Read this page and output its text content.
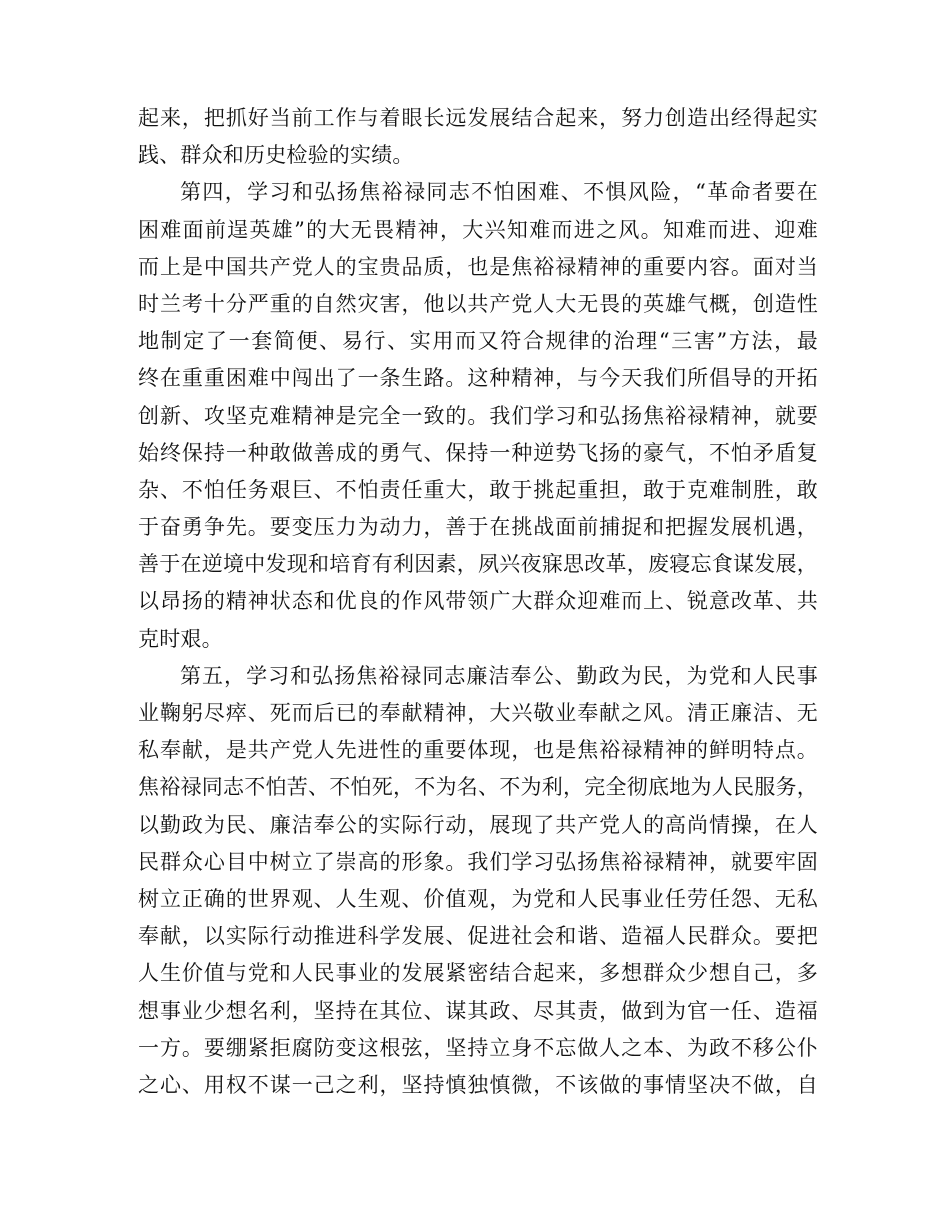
起来，把抓好当前工作与着眼长远发展结合起来，努力创造出经得起实
践、群众和历史检验的实绩。
第四，学习和弘扬焦裕禄同志不怕困难、不惧风险，“革命者要在
困难面前逞英雄”的大无畏精神，大兴知难而进之风。知难而进、迎难
而上是中国共产党人的宝贵品质，也是焦裕禄精神的重要内容。面对当
时兰考十分严重的自然灾害，他以共产党人大无畏的英雄气概，创造性
地制定了一套简便、易行、实用而又符合规律的治理“三害”方法，最
终在重重困难中闯出了一条生路。这种精神，与今天我们所倡导的开拓
创新、攻坚克难精神是完全一致的。我们学习和弘扬焦裕禄精神，就要
始终保持一种敢做善成的勇气、保持一种逆势飞扬的豪气，不怕矛盾复
杂、不怕任务艰巨、不怕责任重大，敢于挑起重担，敢于克难制胜，敢
于奋勇争先。要变压力为动力，善于在挑战面前捕捉和把握发展机遇，
善于在逆境中发现和培育有利因素，夙兴夜寐思改革，废寝忘食谋发展，
以昂扬的精神状态和优良的作风带领广大群众迎难而上、锐意改革、共
克时艰。
第五，学习和弘扬焦裕禄同志廉洁奉公、勤政为民，为党和人民事
业鞠躬尽瘁、死而后已的奉献精神，大兴敬业奉献之风。清正廉洁、无
私奉献，是共产党人先进性的重要体现，也是焦裕禄精神的鲜明特点。
焦裕禄同志不怕苦、不怕死，不为名、不为利，完全彻底地为人民服务，
以勤政为民、廉洁奉公的实际行动，展现了共产党人的高尚情操，在人
民群众心目中树立了崇高的形象。我们学习弘扬焦裕禄精神，就要牢固
树立正确的世界观、人生观、价值观，为党和人民事业任劳任怨、无私
奉献，以实际行动推进科学发展、促进社会和谐、造福人民群众。要把
人生价值与党和人民事业的发展紧密结合起来，多想群众少想自己，多
想事业少想名利，坚持在其位、谋其政、尽其责，做到为官一任、造福
一方。要绷紧拒腐防变这根弦，坚持立身不忘做人之本、为政不移公仆
之心、用权不谋一己之利，坚持慎独慎微，不该做的事情坚决不做，自
